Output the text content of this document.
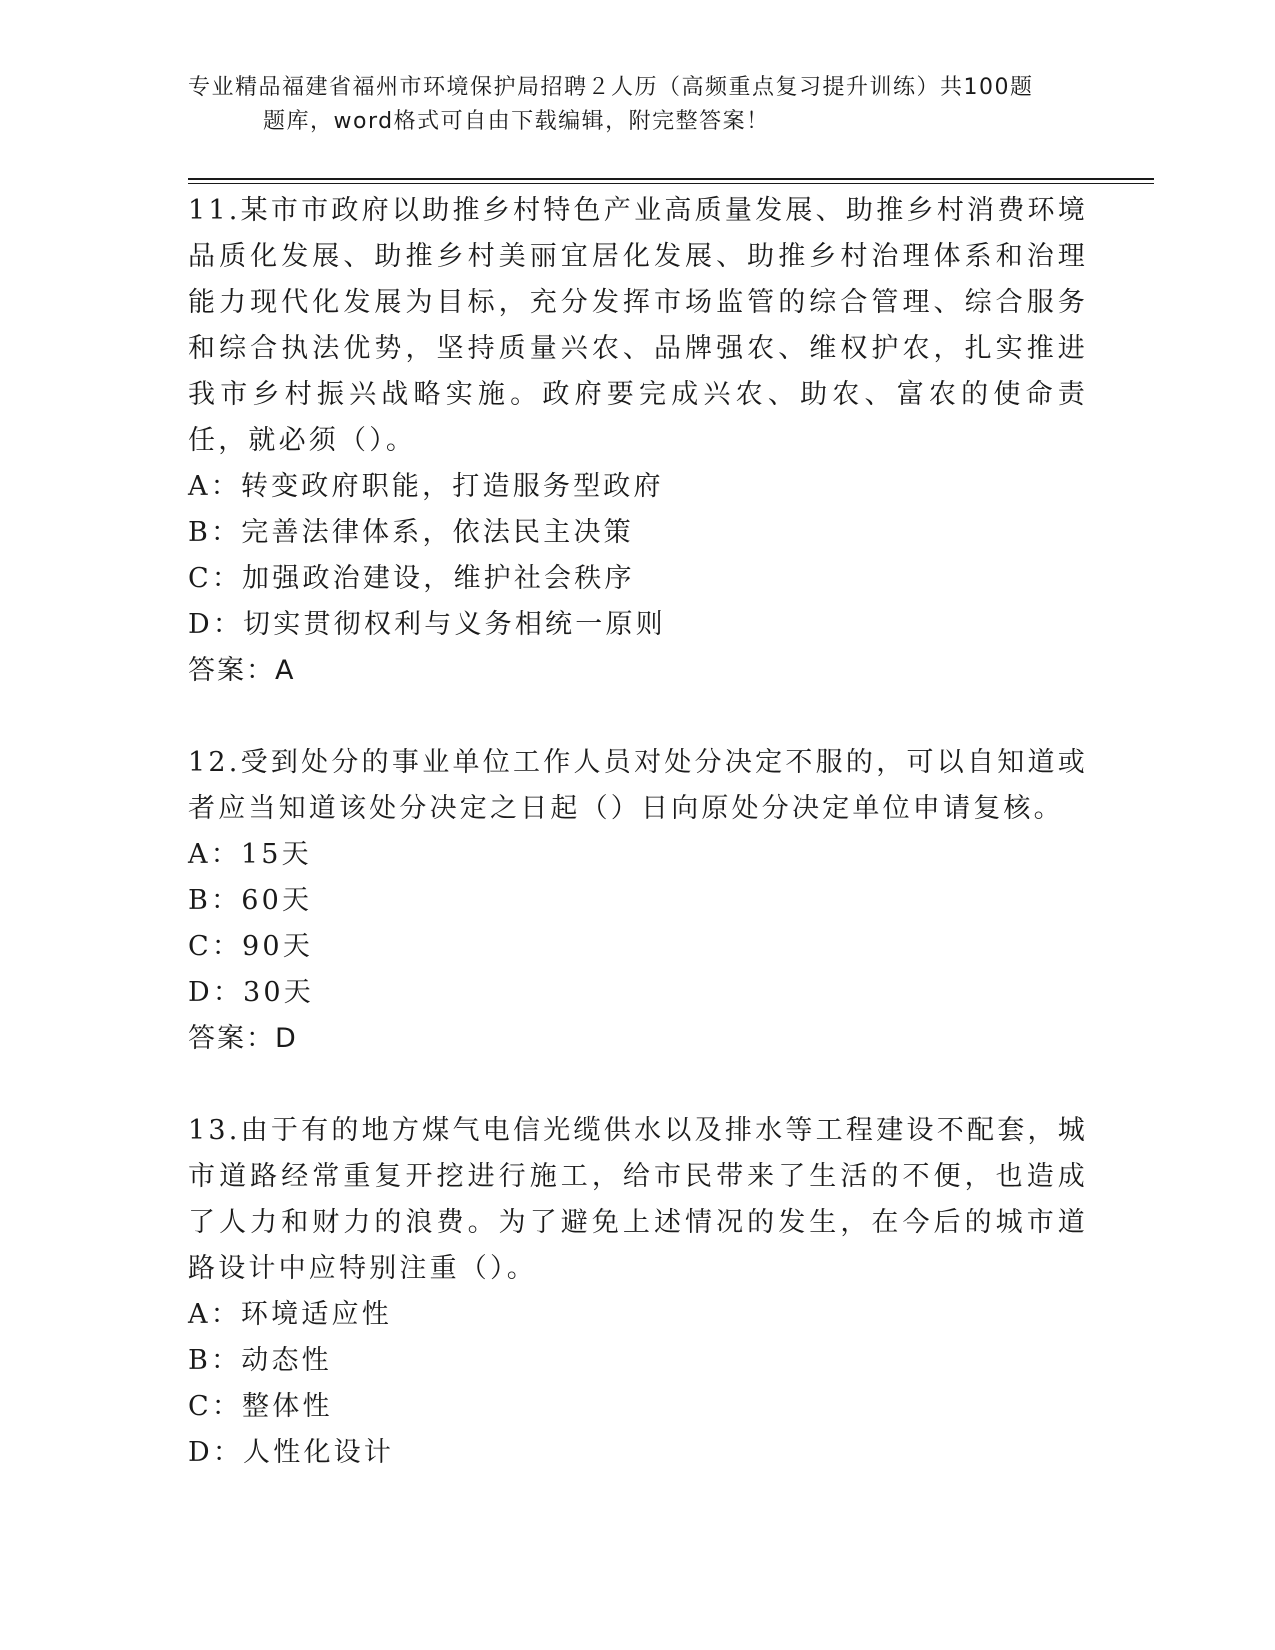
专业精品福建省福州市环境保护局招聘２人历（高频重点复习提升训练）共100题
题库，word格式可自由下载编辑，附完整答案！

11.某市市政府以助推乡村特色产业高质量发展、助推乡村消费环境品质化发展、助推乡村美丽宜居化发展、助推乡村治理体系和治理能力现代化发展为目标，充分发挥市场监管的综合管理、综合服务和综合执法优势，坚持质量兴农、品牌强农、维权护农，扎实推进我市乡村振兴战略实施。政府要完成兴农、助农、富农的使命责任，就必须（）。

A：转变政府职能，打造服务型政府

B：完善法律体系，依法民主决策

C：加强政治建设，维护社会秩序

D：切实贯彻权利与义务相统一原则

答案：A

12.受到处分的事业单位工作人员对处分决定不服的，可以自知道或者应当知道该处分决定之日起（）日向原处分决定单位申请复核。

A：15天

B：60天

C：90天

D：30天

答案：D

13.由于有的地方煤气电信光缆供水以及排水等工程建设不配套，城市道路经常重复开挖进行施工，给市民带来了生活的不便，也造成了人力和财力的浪费。为了避免上述情况的发生，在今后的城市道路设计中应特别注重（）。

A：环境适应性

B：动态性

C：整体性

D：人性化设计
